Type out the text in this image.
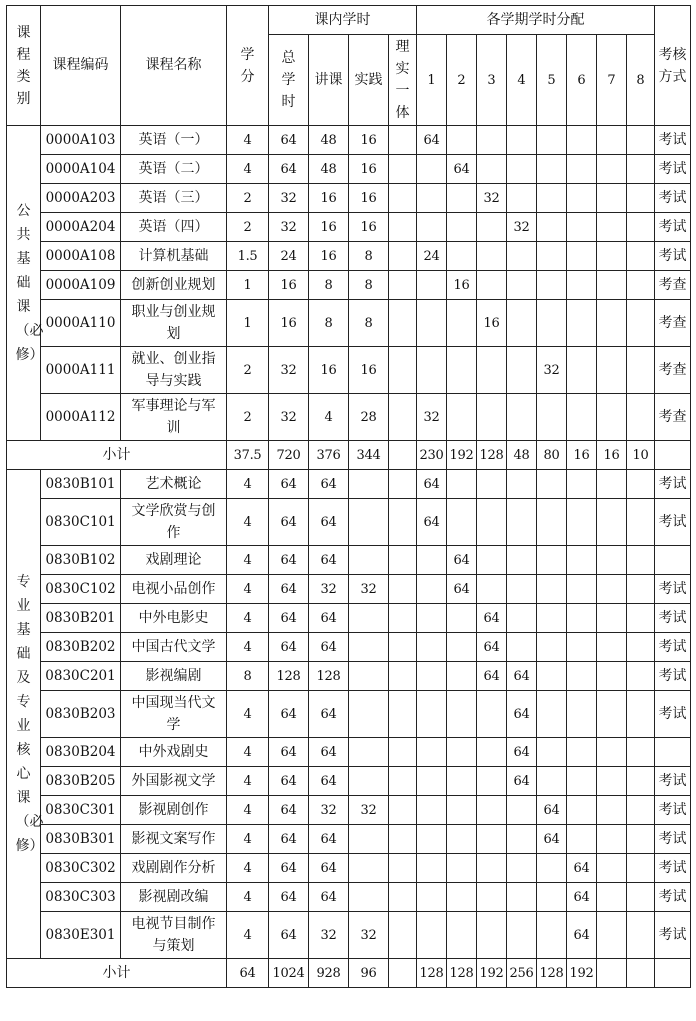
课程类别	课程编码	课程名称	学分	课内学时				各学期学时分配								考核方式
				总学时	讲课	实践	理实一体	1	2	3	4	5	6	7	8	
公共基础课（必修）	0000A103	英语（一）	4	64	48	16		64								考试
	0000A104	英语（二）	4	64	48	16			64							考试
	0000A203	英语（三）	2	32	16	16				32						考试
	0000A204	英语（四）	2	32	16	16					32					考试
	0000A108	计算机基础	1.5	24	16	8		24								考试
	0000A109	创新创业规划	1	16	8	8			16							考查
	0000A110	职业与创业规划	1	16	8	8				16						考查
	0000A111	就业、创业指导与实践	2	32	16	16						32				考查
	0000A112	军事理论与军训	2	32	4	28		32								考查
小计			37.5	720	376	344		230	192	128	48	80	16	16	10	
专业基础及专业核心课（必修）	0830B101	艺术概论	4	64	64			64								考试
	0830C101	文学欣赏与创作	4	64	64			64								考试
	0830B102	戏剧理论	4	64	64				64							
	0830C102	电视小品创作	4	64	32	32			64							考试
	0830B201	中外电影史	4	64	64					64						考试
	0830B202	中国古代文学	4	64	64					64						考试
	0830C201	影视编剧	8	128	128					64	64					考试
	0830B203	中国现当代文学	4	64	64						64					考试
	0830B204	中外戏剧史	4	64	64						64					
	0830B205	外国影视文学	4	64	64						64					考试
	0830C301	影视剧创作	4	64	32	32						64				考试
	0830B301	影视文案写作	4	64	64							64				考试
	0830C302	戏剧剧作分析	4	64	64								64			考试
	0830C303	影视剧改编	4	64	64								64			考试
	0830E301	电视节目制作与策划	4	64	32	32							64			考试
小计			64	1024	928	96		128	128	192	256	128	192			
